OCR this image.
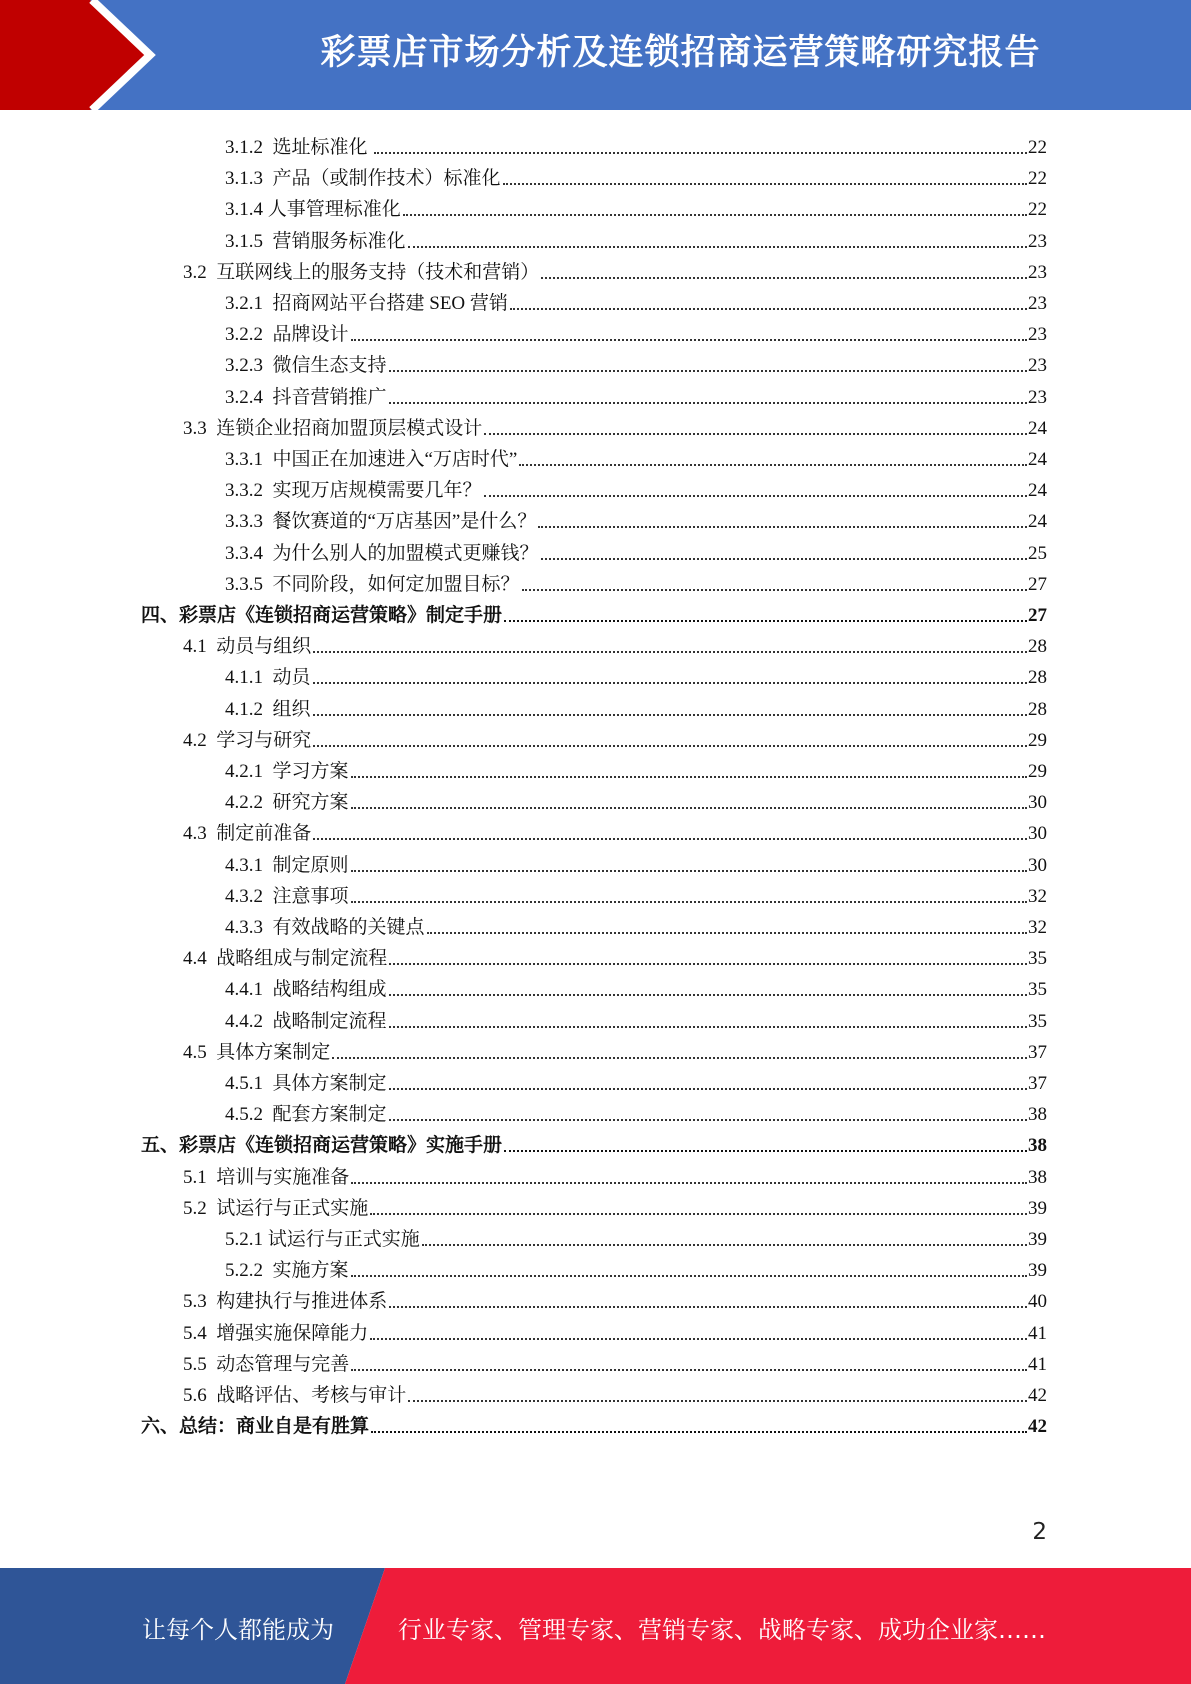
彩票店市场分析及连锁招商运营策略研究报告
3.1.2 选址标准化	22
3.1.3 产品（或制作技术）标准化	22
3.1.4 人事管理标准化	22
3.1.5 营销服务标准化	23
3.2 互联网线上的服务支持（技术和营销）	23
3.2.1 招商网站平台搭建 SEO 营销	23
3.2.2 品牌设计	23
3.2.3 微信生态支持	23
3.2.4 抖音营销推广	23
3.3 连锁企业招商加盟顶层模式设计	24
3.3.1 中国正在加速进入“万店时代”	24
3.3.2 实现万店规模需要几年？	24
3.3.3 餐饮赛道的“万店基因”是什么？	24
3.3.4 为什么别人的加盟模式更赚钱？	25
3.3.5 不同阶段，如何定加盟目标？	27
四、彩票店《连锁招商运营策略》制定手册	27
4.1 动员与组织	28
4.1.1 动员	28
4.1.2 组织	28
4.2 学习与研究	29
4.2.1 学习方案	29
4.2.2 研究方案	30
4.3 制定前准备	30
4.3.1 制定原则	30
4.3.2 注意事项	32
4.3.3 有效战略的关键点	32
4.4 战略组成与制定流程	35
4.4.1 战略结构组成	35
4.4.2 战略制定流程	35
4.5 具体方案制定	37
4.5.1 具体方案制定	37
4.5.2 配套方案制定	38
五、彩票店《连锁招商运营策略》实施手册	38
5.1 培训与实施准备	38
5.2 试运行与正式实施	39
5.2.1 试运行与正式实施	39
5.2.2 实施方案	39
5.3 构建执行与推进体系	40
5.4 增强实施保障能力	41
5.5 动态管理与完善	41
5.6 战略评估、考核与审计	42
六、总结：商业自是有胜算	42
2
让每个人都能成为	行业专家、管理专家、营销专家、战略专家、成功企业家……
